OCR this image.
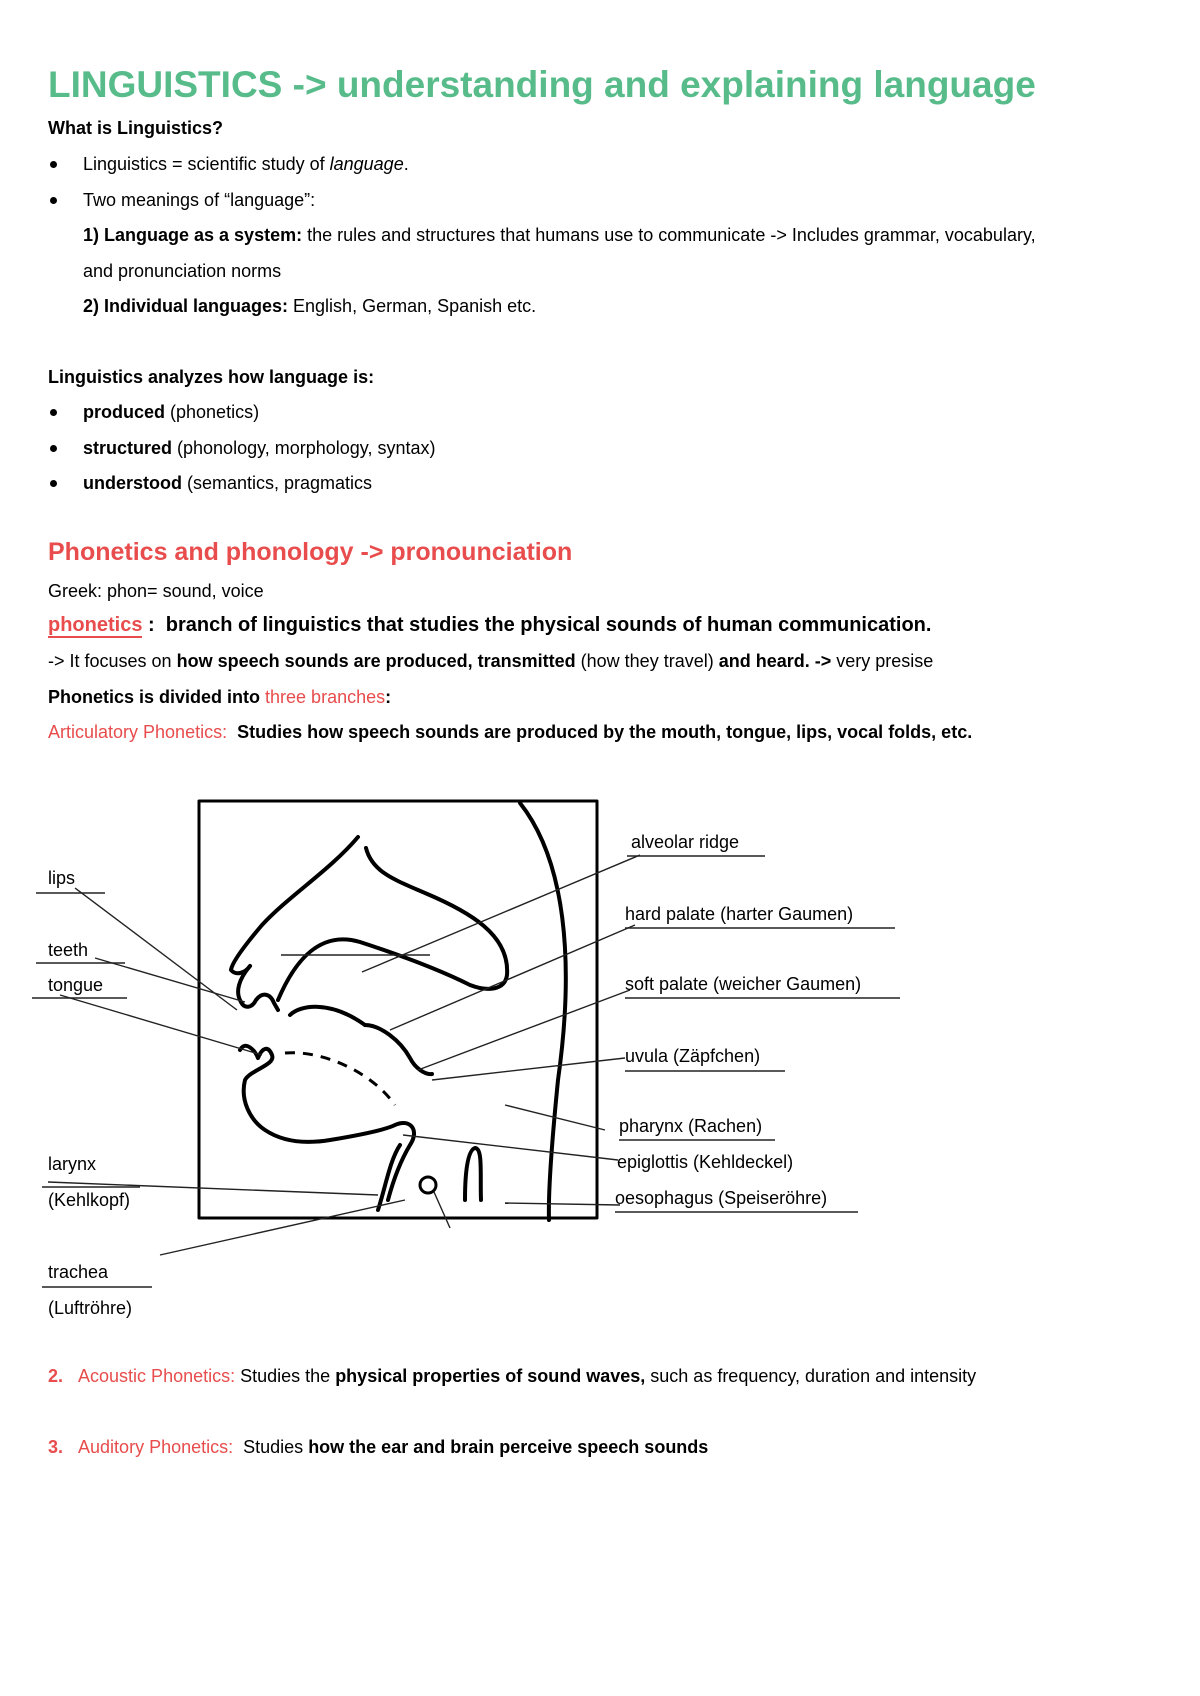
LINGUISTICS -> understanding and explaining language
What is Linguistics?
Linguistics = scientific study of language.
Two meanings of “language”:
1) Language as a system: the rules and structures that humans use to communicate -> Includes grammar, vocabulary,
and pronunciation norms
2) Individual languages: English, German, Spanish etc.
Linguistics analyzes how language is:
produced (phonetics)
structured (phonology, morphology, syntax)
understood (semantics, pragmatics
Phonetics and phonology -> pronounciation
Greek: phon= sound, voice
phonetics : branch of linguistics that studies the physical sounds of human communication.
-> It focuses on how speech sounds are produced, transmitted (how they travel) and heard. -> very presise
Phonetics is divided into three branches:
Articulatory Phonetics: Studies how speech sounds are produced by the mouth, tongue, lips, vocal folds, etc.
lips
teeth
tongue
larynx
(Kehlkopf)
trachea
(Luftröhre)
alveolar ridge
hard palate (harter Gaumen)
soft palate (weicher Gaumen)
uvula (Zäpfchen)
pharynx (Rachen)
epiglottis (Kehldeckel)
oesophagus (Speiseröhre)
2. Acoustic Phonetics: Studies the physical properties of sound waves, such as frequency, duration and intensity
3. Auditory Phonetics:  Studies how the ear and brain perceive speech sounds
